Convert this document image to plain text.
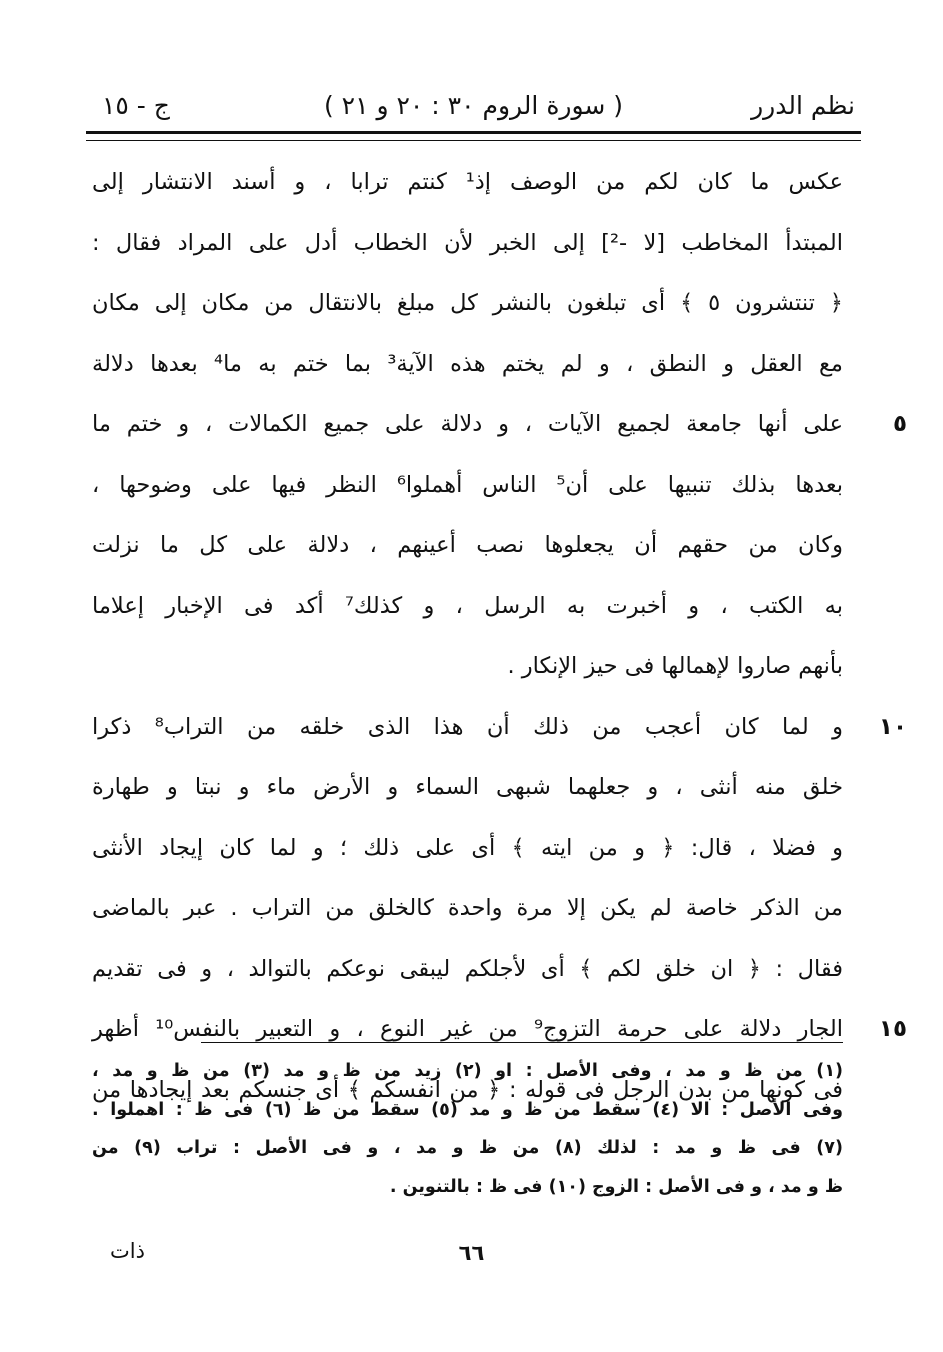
نظم الدرر
( سورة الروم ٣٠ : ٢٠ و ٢١ )
ج - ١٥
عكس ما كان لكم من الوصف إذ¹ كنتم ترابا ، و أسند الانتشار إلى
المبتدأ المخاطب [لا -²] إلى الخبر لأن الخطاب أدل على المراد فقال :
﴿ تنتشرون ٥ ﴾ أى تبلغون بالنشر كل مبلغ بالانتقال من مكان إلى مكان
مع العقل و النطق ، و لم يختم هذه الآية³ بما ختم به ما⁴ بعدها دلالة
٥
على أنها جامعة لجميع الآيات ، و دلالة على جميع الكمالات ، و ختم ما
بعدها بذلك تنبيها على أن⁵ الناس أهملوا⁶ النظر فيها على وضوحها ،
وكان من حقهم أن يجعلوها نصب أعينهم ، دلالة على كل ما نزلت
به الكتب ، و أخبرت به الرسل ، و كذلك⁷ أكد فى الإخبار إعلاما
بأنهم صاروا لإهمالها فى حيز الإنكار .
١٠
و لما كان أعجب من ذلك أن هذا الذى خلقه من التراب⁸ ذكرا
خلق منه أنثى ، و جعلهما شبهى السماء و الأرض ماء و نبتا و طهارة
و فضلا ، قال: ﴿ و من ايته ﴾ أى على ذلك ؛ و لما كان إيجاد الأنثى
من الذكر خاصة لم يكن إلا مرة واحدة كالخلق من التراب . عبر بالماضى
فقال : ﴿ ان خلق لكم ﴾ أى لأجلكم ليبقى نوعكم بالتوالد ، و فى تقديم
١٥
الجار دلالة على حرمة التزوج⁹ من غير النوع ، و التعبير بالنفس¹⁰ أظهر
فى كونها من بدن الرجل فى قوله : ﴿ من انفسكم ﴾ أى جنسكم بعد إيجادها من
(١) من ظ و مد ، وفى الأصل : او (٢) زيد من ظ و مد (٣) من ظ و مد ،
وفى الأصل : الا (٤) سقط من ظ و مد (٥) سقط من ظ (٦) فى ظ : اهملوا .
(٧) فى ظ و مد : لذلك (٨) من ظ و مد ، و فى الأصل : تراب (٩) من
ظ و مد ، و فى الأصل : الزوج (١٠) فى ظ : بالتنوين .
ذات	٦٦
